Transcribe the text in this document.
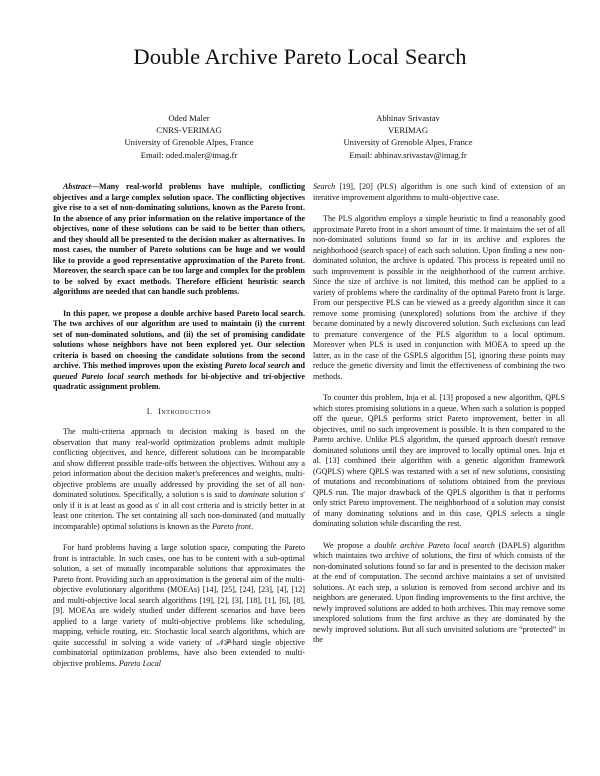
Double Archive Pareto Local Search
Oded Maler
CNRS-VERIMAG
University of Grenoble Alpes, France
Email: oded.maler@imag.fr
Abhinav Srivastav
VERIMAG
University of Grenoble Alpes, France
Email: abhinav.srivastav@imag.fr

Abstract—Many real-world problems have multiple, conflicting objectives and a large complex solution space. The conflicting objectives give rise to a set of non-dominating solutions, known as the Pareto front. In the absence of any prior information on the relative importance of the objectives, none of these solutions can be said to be better than others, and they should all be presented to the decision maker as alternatives. In most cases, the number of Pareto solutions can be huge and we would like to provide a good representative approximation of the Pareto front. Moreover, the search space can be too large and complex for the problem to be solved by exact methods. Therefore efficient heuristic search algorithms are needed that can handle such problems.

In this paper, we propose a double archive based Pareto local search. The two archives of our algorithm are used to maintain (i) the current set of non-dominated solutions, and (ii) the set of promising candidate solutions whose neighbors have not been explored yet. Our selection criteria is based on choosing the candidate solutions from the second archive. This method improves upon the existing Pareto local search and queued Pareto local search methods for bi-objective and tri-objective quadratic assignment problem.

I. Introduction

The multi-criteria approach to decision making is based on the observation that many real-world optimization problems admit multiple conflicting objectives, and hence, different solutions can be incomparable and show different possible trade-offs between the objectives. Without any a priori information about the decision maker's preferences and weights, multi-objective problems are usually addressed by providing the set of all non-dominated solutions. Specifically, a solution s is said to dominate solution s′ only if it is at least as good as s′ in all cost criteria and is strictly better in at least one criterion. The set containing all such non-dominated (and mutually incomparable) optimal solutions is known as the Pareto front.

For hard problems having a large solution space, computing the Pareto front is intractable. In such cases, one has to be content with a sub-optimal solution, a set of mutually incomparable solutions that approximates the Pareto front. Providing such an approximation is the general aim of the multi-objective evolutionary algorithms (MOEAs) [14], [25], [24], [23], [4], [12] and multi-objective local search algorithms [19], [2], [3], [18], [1], [6], [8], [9]. MOEAs are widely studied under different scenarios and have been applied to a large variety of multi-objective problems like scheduling, mapping, vehicle routing, etc. Stochastic local search algorithms, which are quite successful in solving a wide variety of 𝒩𝒫-hard single objective combinatorial optimization problems, have also been extended to multi-objective problems. Pareto Local

Search [19], [20] (PLS) algorithm is one such kind of extension of an iterative improvement algorithms to multi-objective case.

The PLS algorithm employs a simple heuristic to find a reasonably good approximate Pareto front in a short amount of time. It maintains the set of all non-dominated solutions found so far in its archive and explores the neighborhood (search space) of each such solution. Upon finding a new non-dominated solution, the archive is updated. This process is repeated until no such improvement is possible in the neighborhood of the current archive. Since the size of archive is not limited, this method can be applied to a variety of problems where the cardinality of the optimal Pareto front is large. From our perspective PLS can be viewed as a greedy algorithm since it can remove some promising (unexplored) solutions from the archive if they became dominated by a newly discovered solution. Such exclusions can lead to premature convergence of the PLS algorithm to a local optimum. Moreover when PLS is used in conjunction with MOEA to speed up the latter, as in the case of the GSPLS algorithm [5], ignoring these points may reduce the genetic diversity and limit the effectiveness of combining the two methods.

To counter this problem, Inja et al. [13] proposed a new algorithm, QPLS which stores promising solutions in a queue. When such a solution is popped off the queue, QPLS performs strict Pareto improvement, better in all objectives, until no such improvement is possible. It is then compared to the Pareto archive. Unlike PLS algorithm, the queued approach doesn't remove dominated solutions until they are improved to locally optimal ones. Inja et al. [13] combined their algorithm with a genetic algorithm framework (GQPLS) where QPLS was restarted with a set of new solutions, consisting of mutations and recombinations of solutions obtained from the previous QPLS run. The major drawback of the QPLS algorithm is that it performs only strict Pareto improvement. The neighborhood of a solution may consist of many dominating solutions and in this case, QPLS selects a single dominating solution while discarding the rest.

We propose a double archive Pareto local search (DAPLS) algorithm which maintains two archive of solutions, the first of which consists of the non-dominated solutions found so far and is presented to the decision maker at the end of computation. The second archive maintains a set of unvisited solutions. At each step, a solution is removed from second archive and its neighbors are generated. Upon finding improvements to the first archive, the newly improved solutions are added to both archives. This may remove some unexplored solutions from the first archive as they are dominated by the newly improved solutions. But all such unvisited solutions are “protected” in the
